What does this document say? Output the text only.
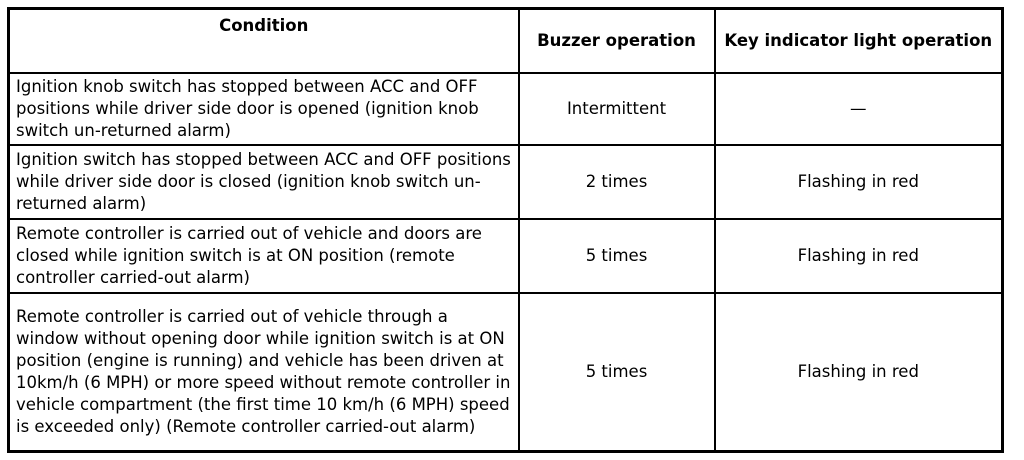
Condition	Buzzer operation	Key indicator light operation
Ignition knob switch has stopped between ACC and OFF positions while driver side door is opened (ignition knob switch un-returned alarm)	Intermittent	—
Ignition switch has stopped between ACC and OFF positions while driver side door is closed (ignition knob switch un-returned alarm)	2 times	Flashing in red
Remote controller is carried out of vehicle and doors are closed while ignition switch is at ON position (remote controller carried-out alarm)	5 times	Flashing in red
Remote controller is carried out of vehicle through a window without opening door while ignition switch is at ON position (engine is running) and vehicle has been driven at 10km/h (6 MPH) or more speed without remote controller in vehicle compartment (the first time 10 km/h (6 MPH) speed is exceeded only) (Remote controller carried-out alarm)	5 times	Flashing in red
